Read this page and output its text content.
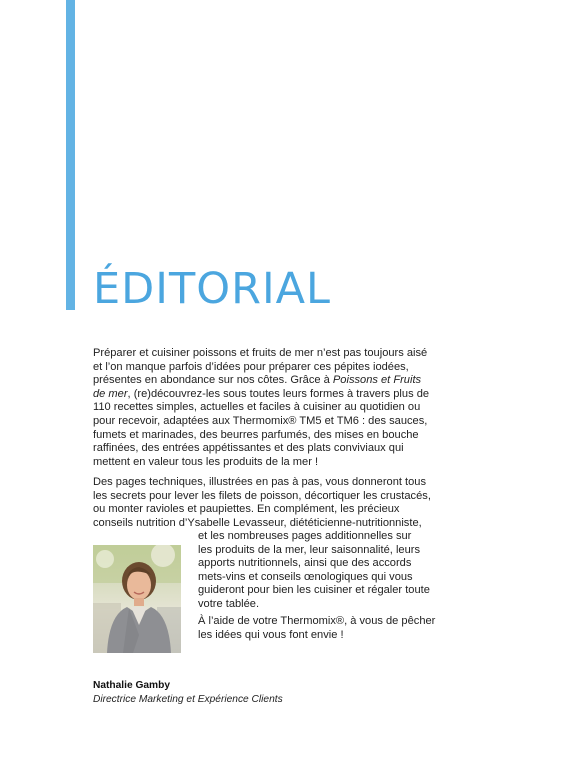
ÉDITORIAL

Préparer et cuisiner poissons et fruits de mer n’est pas toujours aisé
et l’on manque parfois d’idées pour préparer ces pépites iodées,
présentes en abondance sur nos côtes. Grâce à Poissons et Fruits
de mer, (re)découvrez-les sous toutes leurs formes à travers plus de
110 recettes simples, actuelles et faciles à cuisiner au quotidien ou
pour recevoir, adaptées aux Thermomix® TM5 et TM6 : des sauces,
fumets et marinades, des beurres parfumés, des mises en bouche
raffinées, des entrées appétissantes et des plats conviviaux qui
mettent en valeur tous les produits de la mer !

Des pages techniques, illustrées en pas à pas, vous donneront tous
les secrets pour lever les filets de poisson, décortiquer les crustacés,
ou monter ravioles et paupiettes. En complément, les précieux
conseils nutrition d’Ysabelle Levasseur, diététicienne-nutritionniste,

et les nombreuses pages additionnelles sur
les produits de la mer, leur saisonnalité, leurs
apports nutritionnels, ainsi que des accords
mets-vins et conseils œnologiques qui vous
guideront pour bien les cuisiner et régaler toute
votre tablée.

À l’aide de votre Thermomix®, à vous de pêcher
les idées qui vous font envie !

Nathalie Gamby
Directrice Marketing et Expérience Clients
